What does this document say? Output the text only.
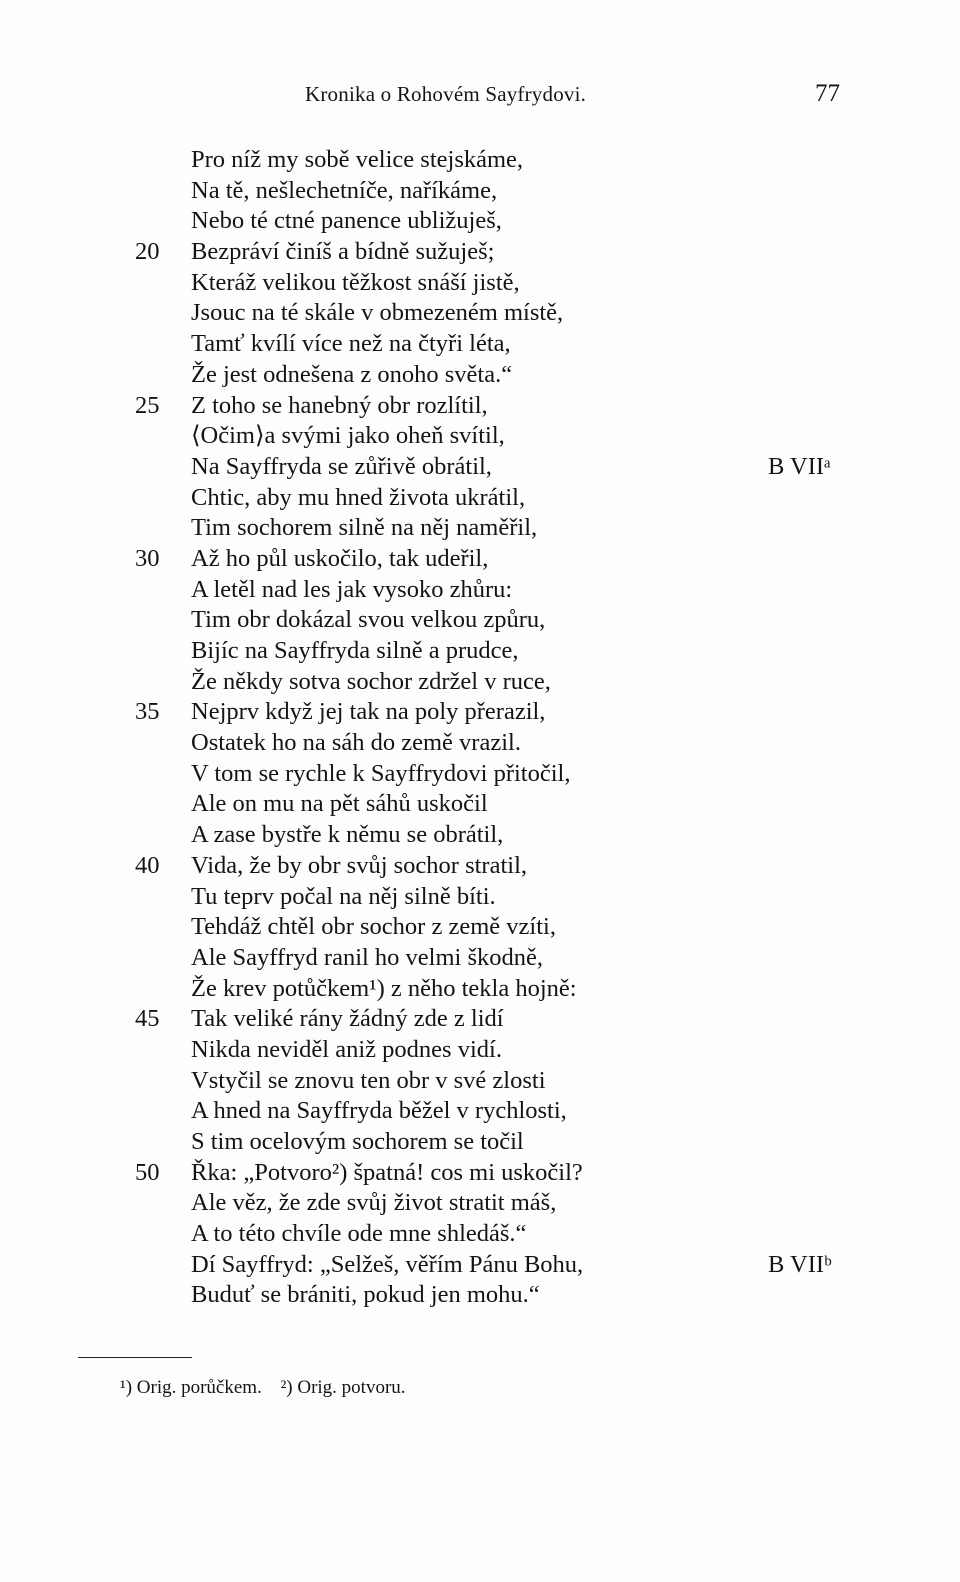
Kronika o Rohovém Sayfrydovi.	77
Pro níž my sobě velice stejskáme,
Na tě, nešlechetníče, naříkáme,
Nebo té ctné panence ubližuješ,
20	Bezpráví činíš a bídně sužuješ;
Kteráž velikou těžkost snáší jistě,
Jsouc na té skále v obmezeném místě,
Tamť kvílí více než na čtyři léta,
Že jest odnešena z onoho světa.“
25	Z toho se hanebný obr rozlítil,
⟨Očim⟩a svými jako oheň svítil,
Na Sayffryda se zůřivě obrátil,	B VIIᵃ
Chtic, aby mu hned života ukrátil,
Tim sochorem silně na něj naměřil,
30	Až ho půl uskočilo, tak udeřil,
A letěl nad les jak vysoko zhůru:
Tim obr dokázal svou velkou způru,
Bijíc na Sayffryda silně a prudce,
Že někdy sotva sochor zdržel v ruce,
35	Nejprv když jej tak na poly přerazil,
Ostatek ho na sáh do země vrazil.
V tom se rychle k Sayffrydovi přitočil,
Ale on mu na pět sáhů uskočil
A zase bystře k němu se obrátil,
40	Vida, že by obr svůj sochor stratil,
Tu teprv počal na něj silně bíti.
Tehdáž chtěl obr sochor z země vzíti,
Ale Sayffryd ranil ho velmi škodně,
Že krev potůčkem¹) z něho tekla hojně:
45	Tak veliké rány žádný zde z lidí
Nikda neviděl aniž podnes vidí.
Vstyčil se znovu ten obr v své zlosti
A hned na Sayffryda běžel v rychlosti,
S tim ocelovým sochorem se točil
50	Řka: „Potvoro²) špatná! cos mi uskočil?
Ale věz, že zde svůj život stratit máš,
A to této chvíle ode mne shledáš.“
Dí Sayffryd: „Selžeš, věřím Pánu Bohu,	B VIIᵇ
Buduť se brániti, pokud jen mohu.“
¹) Orig. porůčkem. ²) Orig. potvoru.
